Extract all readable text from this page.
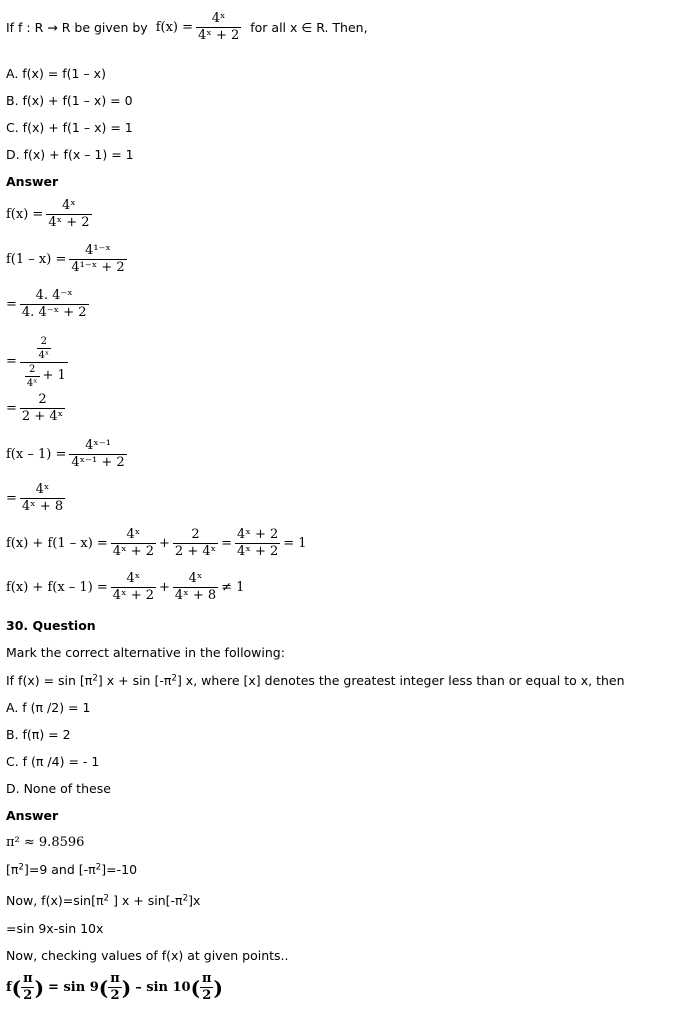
If f : R → R be given by $f(x) = \frac{\text{4ˣ}}{\text{4ˣ + 2}}$ for all x ∈ R. Then,
A. f(x) = f(1 – x)
B. f(x) + f(1 – x) = 0
C. f(x) + f(1 – x) = 1
D. f(x) + f(x – 1) = 1
Answer
$f(x) = \frac{\text{4ˣ}}{\text{4ˣ + 2}}$
$f(1 - x) = \frac{\text{4¹⁻ˣ}}{\text{4¹⁻ˣ + 2}}$
= $\frac{\text{4. 4⁻ˣ}}{\text{4. 4⁻ˣ + 2}}$
= $\frac{\frac{2}{\text{4ˣ}}}{\frac{2}{\text{4ˣ}} + 1}$
= $\frac{2}{\text{2 + 4ˣ}}$
$f(x - 1) = \frac{\text{4ˣ⁻¹}}{\text{4ˣ⁻¹ + 2}}$
= $\frac{\text{4ˣ}}{\text{4ˣ + 8}}$
$f(x) + f(1 - x) = \frac{\text{4ˣ}}{\text{4ˣ + 2}} + \frac{2}{\text{2 + 4ˣ}} = \frac{\text{4ˣ + 2}}{\text{4ˣ + 2}} = 1$
$f(x) + f(x - 1) = \frac{\text{4ˣ}}{\text{4ˣ + 2}} + \frac{\text{4ˣ}}{\text{4ˣ + 8}} \ne 1$
30. Question
Mark the correct alternative in the following:
If $f(x) = \sin [\pi^2] x + \sin [-\pi^2]$ x, where [x] denotes the greatest integer less than or equal to x, then
A. f (π /2) = 1
B. f(π) = 2
C. f (π /4) = - 1
D. None of these
Answer
π² ≈ 9.8596
$[\pi^2]=9$ and $[-\pi^2]=-10$
Now, $f(x)=\sin[\pi^2$ ] $x + \sin[-\pi^2]x$
=sin 9x-sin 10x
Now, checking values of f(x) at given points..
f ( $\frac{\pi}{2}$ ) = sin 9 ( $\frac{\pi}{2}$ ) – sin 10 ( $\frac{\pi}{2}$ )
